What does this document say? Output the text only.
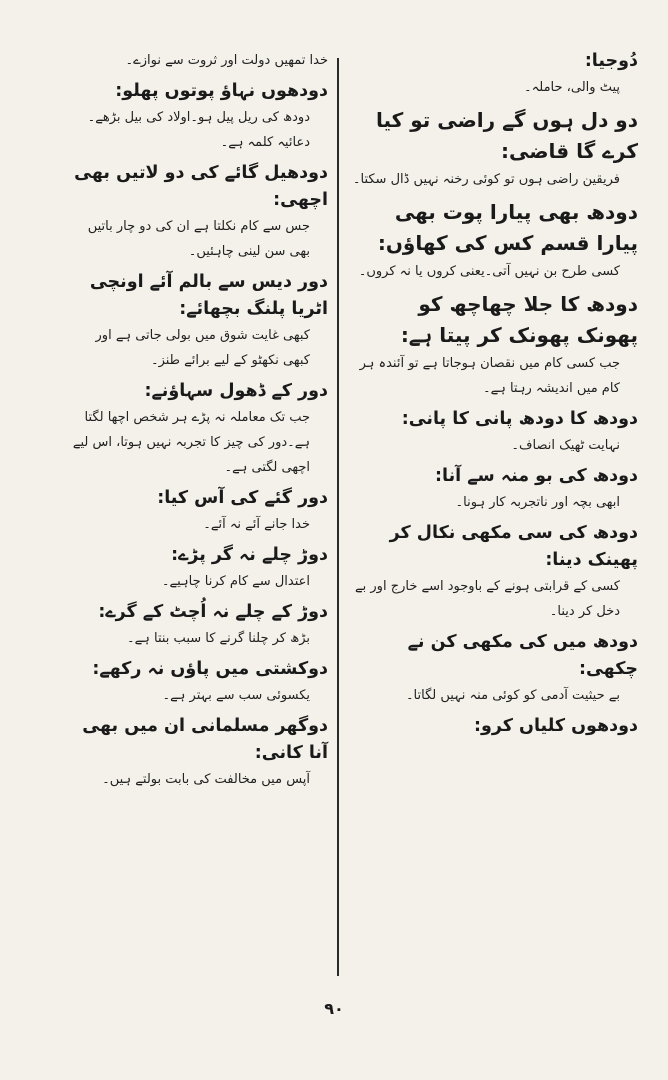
دُوجیا:

پیٹ والی، حاملہ۔

دو دل ہوں گے راضی تو کیا کرے گا قاضی:

فریقین راضی ہوں تو کوئی رخنہ نہیں ڈال سکتا۔

دودھ بھی پیارا پوت بھی پیارا قسم کس کی کھاؤں:

کسی طرح بن نہیں آتی۔یعنی کروں یا نہ کروں۔

دودھ کا جلا چھاچھ کو پھونک پھونک کر پیتا ہے:

جب کسی کام میں نقصان ہوجاتا ہے تو آئندہ ہر کام میں اندیشہ رہتا ہے۔

دودھ کا دودھ پانی کا پانی:

نہایت ٹھیک انصاف۔

دودھ کی بو منہ سے آنا:

ابھی بچہ اور ناتجربہ کار ہونا۔

دودھ کی سی مکھی نکال کر پھینک دینا:

کسی کے قرابتی ہونے کے باوجود اسے خارج اور بے دخل کر دینا۔

دودھ میں کی مکھی کن نے چکھی:

بے حیثیت آدمی کو کوئی منہ نہیں لگاتا۔

دودھوں کلیاں کرو:

خدا تمھیں دولت اور ثروت سے نوازے۔

دودھوں نہاؤ پوتوں پھلو:

دودھ کی ریل پیل ہو۔اولاد کی بیل بڑھے۔دعائیہ کلمہ ہے۔

دودھیل گائے کی دو لاتیں بھی اچھی:

جس سے کام نکلتا ہے ان کی دو چار باتیں بھی سن لینی چاہئیں۔

دور دیس سے بالم آئے اونچی اٹریا پلنگ بچھائے:

کبھی غایت شوق میں بولی جاتی ہے اور کبھی نکھٹو کے لیے برائے طنز۔

دور کے ڈھول سہاؤنے:

جب تک معاملہ نہ پڑے ہر شخص اچھا لگتا ہے۔دور کی چیز کا تجربہ نہیں ہوتا، اس لیے اچھی لگتی ہے۔

دور گئے کی آس کیا:

خدا جانے آئے نہ آئے۔

دوڑ چلے نہ گر پڑے:

اعتدال سے کام کرنا چاہیے۔

دوڑ کے چلے نہ اُچٹ کے گرے:

بڑھ کر چلنا گرنے کا سبب بنتا ہے۔

دوکشتی میں پاؤں نہ رکھے:

یکسوئی سب سے بہتر ہے۔

دوگھر مسلمانی ان میں بھی آنا کانی:

آپس میں مخالفت کی بابت بولتے ہیں۔

۹۰
